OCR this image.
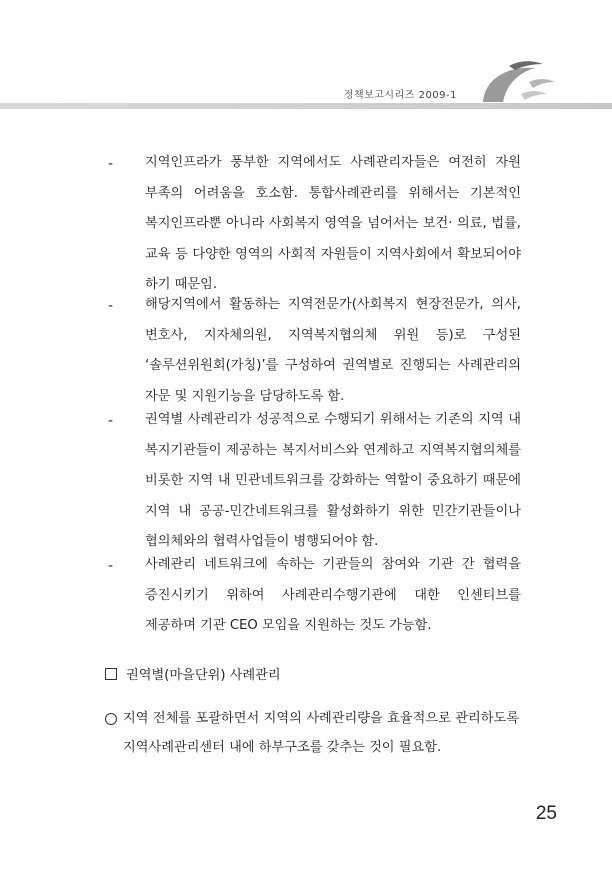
정책보고시리즈 2009-1
-	지역인프라가 풍부한 지역에서도 사례관리자들은 여전히 자원 부족의 어려움을 호소함. 통합사례관리를 위해서는 기본적인 복지인프라뿐 아니라 사회복지 영역을 넘어서는 보건· 의료, 법률, 교육 등 다양한 영역의 사회적 자원들이 지역사회에서 확보되어야 하기 때문임.

-	해당지역에서 활동하는 지역전문가(사회복지 현장전문가, 의사, 변호사, 지자체의원, 지역복지협의체 위원 등)로 구성된 ‘솔루션위원회(가칭)’를 구성하여 권역별로 진행되는 사례관리의 자문 및 지원기능을 담당하도록 함.

-	권역별 사례관리가 성공적으로 수행되기 위해서는 기존의 지역 내 복지기관들이 제공하는 복지서비스와 연계하고 지역복지협의체를 비롯한 지역 내 민관네트워크를 강화하는 역할이 중요하기 때문에 지역 내 공공-민간네트워크를 활성화하기 위한 민간기관들이나 협의체와의 협력사업들이 병행되어야 함.

-	사례관리 네트워크에 속하는 기관들의 참여와 기관 간 협력을 증진시키기 위하여 사례관리수행기관에 대한 인센티브를 제공하며 기관 CEO 모임을 지원하는 것도 가능함.

권역별(마을단위) 사례관리

지역 전체를 포괄하면서 지역의 사례관리량을 효율적으로 관리하도록 지역사례관리센터 내에 하부구조를 갖추는 것이 필요함.

25
